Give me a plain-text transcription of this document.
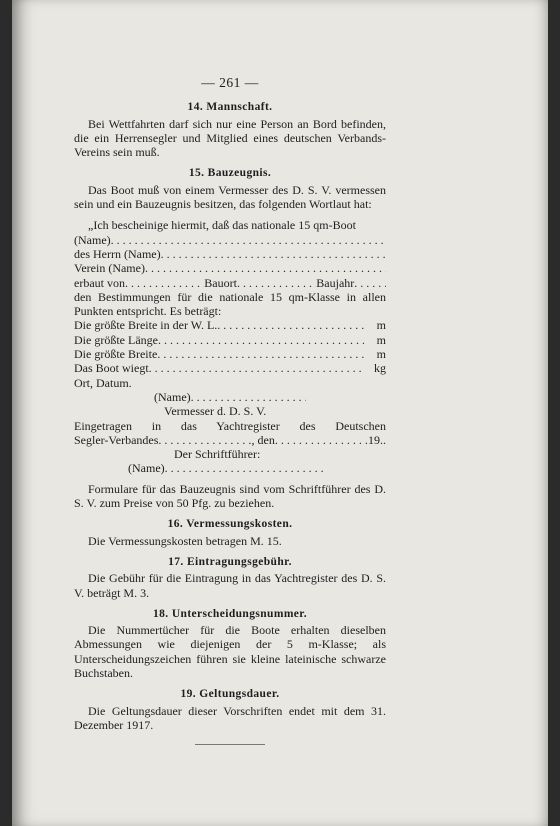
— 261 —
14. Mannschaft.

Bei Wettfahrten darf sich nur eine Person an Bord befinden, die ein Herrensegler und Mitglied eines deutschen Verbands-Vereins sein muß.

15. Bauzeugnis.

Das Boot muß von einem Vermesser des D. S. V. vermessen sein und ein Bauzeugnis besitzen, das folgenden Wortlaut hat:

„Ich bescheinige hiermit, daß das nationale 15 qm-Boot
(Name)
. . .
des Herrn (Name)
. . .
Verein (Name)
. . .
erbaut von . . .	Bauort . . .	Baujahr
. . .
den Bestimmungen für die nationale 15 qm-Klasse in allen Punkten entspricht. Es beträgt:
Die größte Breite in der W. L. . . .	m
Die größte Länge . . .	m
Die größte Breite . . .	m
Das Boot wiegt . . .	kg
Ort, Datum.
(Name)
. . .
Vermesser d. D. S. V.
Eingetragen in das Yachtregister des Deutschen
Segler-Verbandes . . .	, den . . .	19..
Der Schriftführer:
(Name)
. . .

Formulare für das Bauzeugnis sind vom Schriftführer des D. S. V. zum Preise von 50 Pfg. zu beziehen.

16. Vermessungskosten.

Die Vermessungskosten betragen M. 15.

17. Eintragungsgebühr.

Die Gebühr für die Eintragung in das Yachtregister des D. S. V. beträgt M. 3.

18. Unterscheidungsnummer.

Die Nummertücher für die Boote erhalten dieselben Abmessungen wie diejenigen der 5 m-Klasse; als Unterscheidungszeichen führen sie kleine lateinische schwarze Buchstaben.

19. Geltungsdauer.

Die Geltungsdauer dieser Vorschriften endet mit dem 31. Dezember 1917.
